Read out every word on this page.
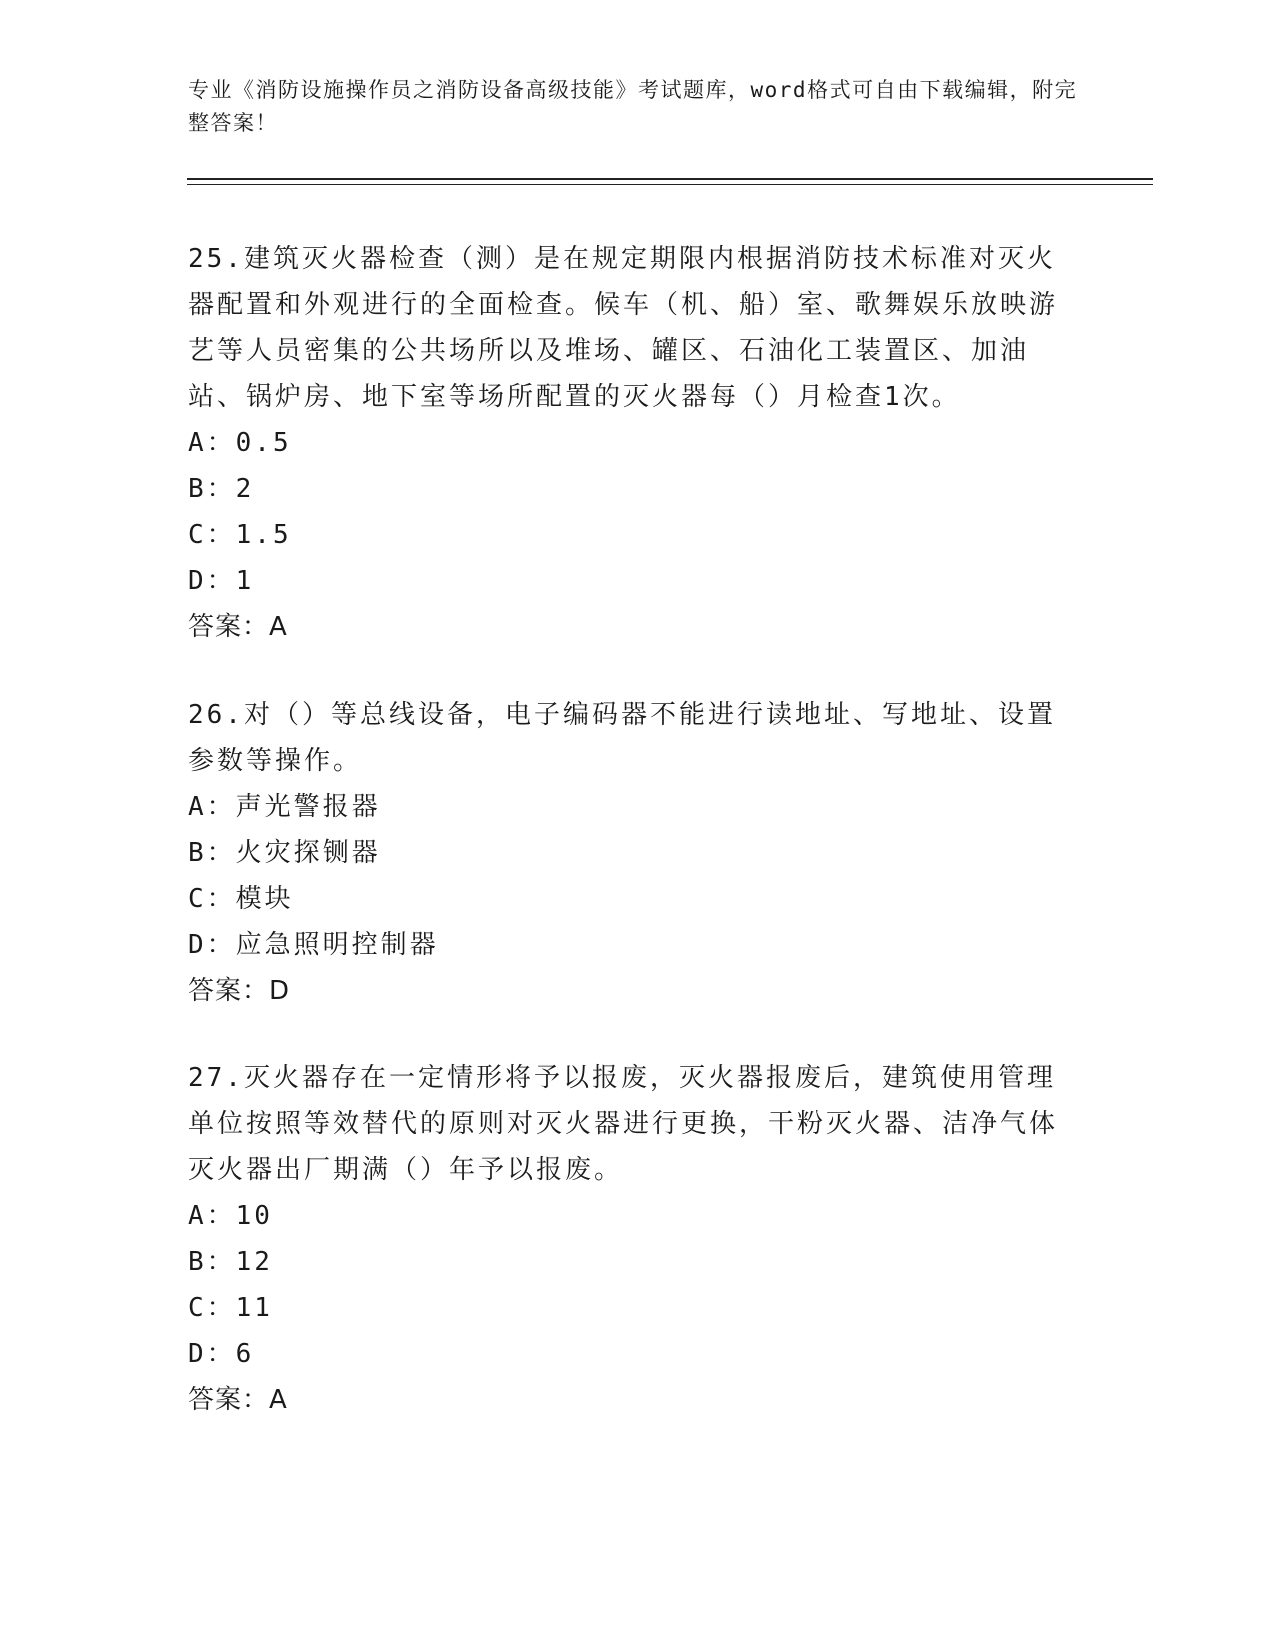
专业《消防设施操作员之消防设备高级技能》考试题库，word格式可自由下载编辑，附完整答案！
25.建筑灭火器检查（测）是在规定期限内根据消防技术标准对灭火器配置和外观进行的全面检查。候车（机、船）室、歌舞娱乐放映游艺等人员密集的公共场所以及堆场、罐区、石油化工装置区、加油站、锅炉房、地下室等场所配置的灭火器每（）月检查1次。
A：0.5
B：2
C：1.5
D：1
答案：A
26.对（）等总线设备，电子编码器不能进行读地址、写地址、设置参数等操作。
A：声光警报器
B：火灾探铡器
C：模块
D：应急照明控制器
答案：D
27.灭火器存在一定情形将予以报废，灭火器报废后，建筑使用管理单位按照等效替代的原则对灭火器进行更换，干粉灭火器、洁净气体灭火器出厂期满（）年予以报废。
A：10
B：12
C：11
D：6
答案：A
